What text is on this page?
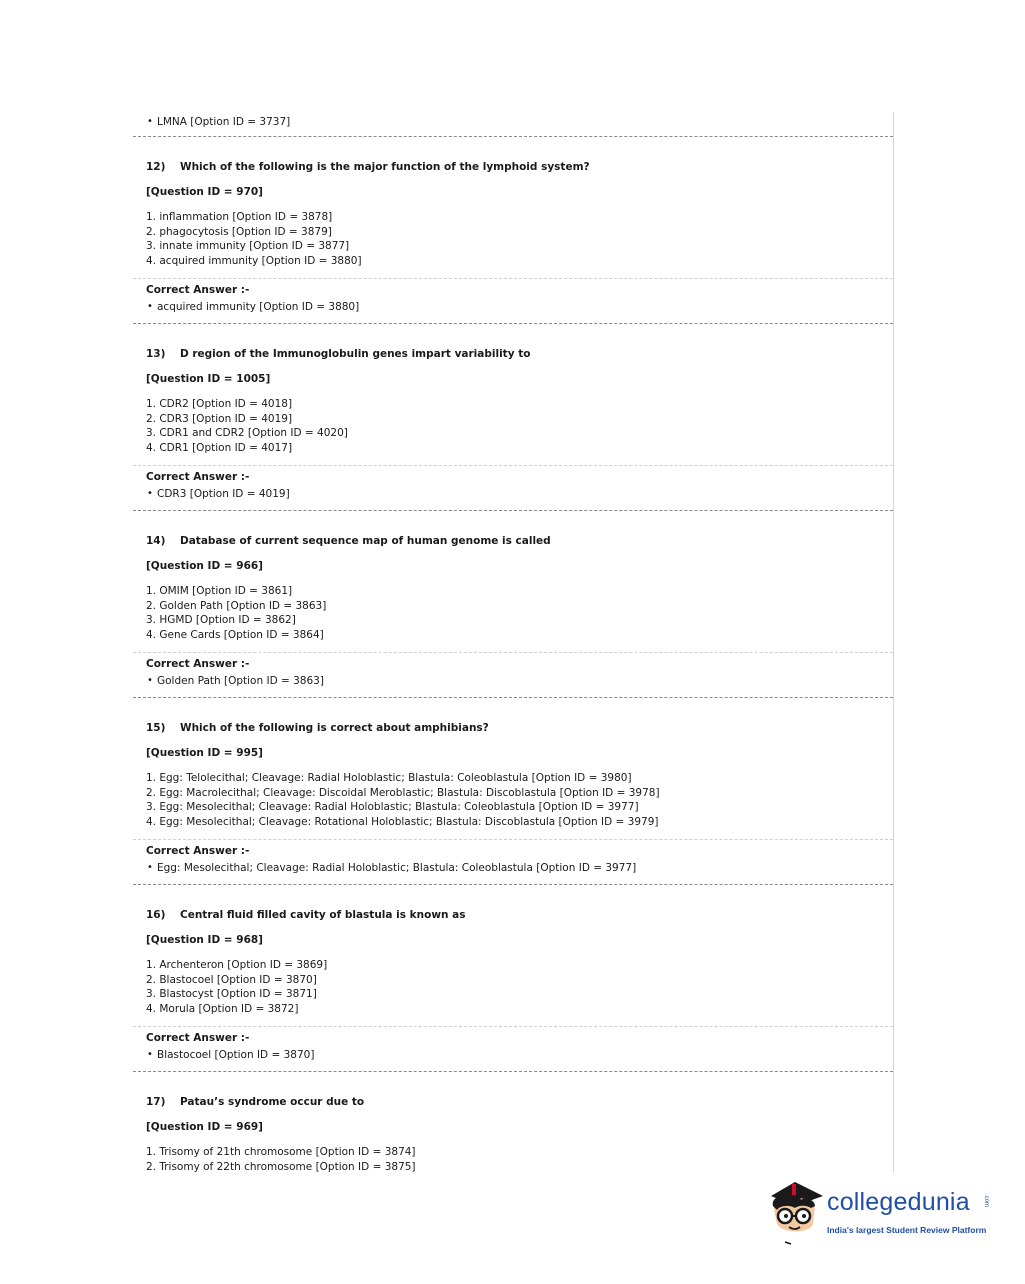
• LMNA [Option ID = 3737]
12)	Which of the following is the major function of the lymphoid system?
[Question ID = 970]
1. inflammation [Option ID = 3878]
2. phagocytosis [Option ID = 3879]
3. innate immunity [Option ID = 3877]
4. acquired immunity [Option ID = 3880]
Correct Answer :-
• acquired immunity [Option ID = 3880]
13)	D region of the Immunoglobulin genes impart variability to
[Question ID = 1005]
1. CDR2 [Option ID = 4018]
2. CDR3 [Option ID = 4019]
3. CDR1 and CDR2 [Option ID = 4020]
4. CDR1 [Option ID = 4017]
Correct Answer :-
• CDR3 [Option ID = 4019]
14)	Database of current sequence map of human genome is called
[Question ID = 966]
1. OMIM [Option ID = 3861]
2. Golden Path [Option ID = 3863]
3. HGMD [Option ID = 3862]
4. Gene Cards [Option ID = 3864]
Correct Answer :-
• Golden Path [Option ID = 3863]
15)	Which of the following is correct about amphibians?
[Question ID = 995]
1. Egg: Telolecithal; Cleavage: Radial Holoblastic; Blastula: Coleoblastula [Option ID = 3980]
2. Egg: Macrolecithal; Cleavage: Discoidal Meroblastic; Blastula: Discoblastula [Option ID = 3978]
3. Egg: Mesolecithal; Cleavage: Radial Holoblastic; Blastula: Coleoblastula [Option ID = 3977]
4. Egg: Mesolecithal; Cleavage: Rotational Holoblastic; Blastula: Discoblastula [Option ID = 3979]
Correct Answer :-
• Egg: Mesolecithal; Cleavage: Radial Holoblastic; Blastula: Coleoblastula [Option ID = 3977]
16)	Central fluid filled cavity of blastula is known as
[Question ID = 968]
1. Archenteron [Option ID = 3869]
2. Blastocoel [Option ID = 3870]
3. Blastocyst [Option ID = 3871]
4. Morula [Option ID = 3872]
Correct Answer :-
• Blastocoel [Option ID = 3870]
17)	Patau’s syndrome occur due to
[Question ID = 969]
1. Trisomy of 21th chromosome [Option ID = 3874]
2. Trisomy of 22th chromosome [Option ID = 3875]
collegedunia .com
India's largest Student Review Platform
